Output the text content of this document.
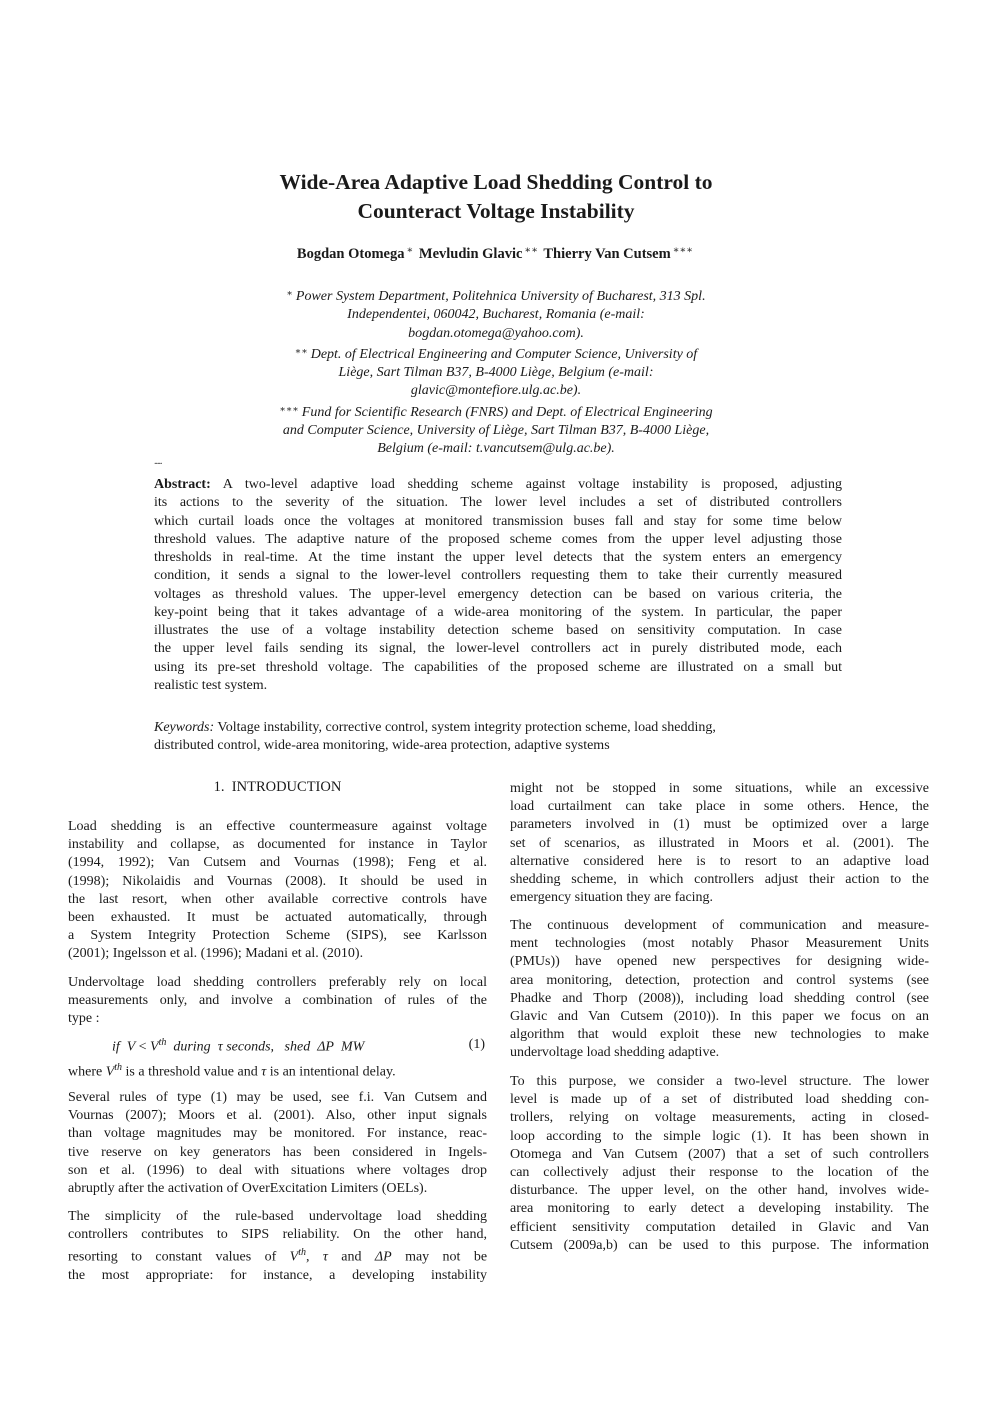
Wide-Area Adaptive Load Shedding Control to
Counteract Voltage Instability
Bogdan Otomega ∗ Mevludin Glavic ∗∗ Thierry Van Cutsem ∗∗∗
∗ Power System Department, Politehnica University of Bucharest, 313 Spl.
Independentei, 060042, Bucharest, Romania (e-mail:
bogdan.otomega@yahoo.com).
∗∗ Dept. of Electrical Engineering and Computer Science, University of
Liège, Sart Tilman B37, B-4000 Liège, Belgium (e-mail:
glavic@montefiore.ulg.ac.be).
∗∗∗ Fund for Scientific Research (FNRS) and Dept. of Electrical Engineering
and Computer Science, University of Liège, Sart Tilman B37, B-4000 Liège,
Belgium (e-mail: t.vancutsem@ulg.ac.be).
.....
Abstract: A two-level adaptive load shedding scheme against voltage instability is proposed, adjusting
its actions to the severity of the situation. The lower level includes a set of distributed controllers
which curtail loads once the voltages at monitored transmission buses fall and stay for some time below
threshold values. The adaptive nature of the proposed scheme comes from the upper level adjusting those
thresholds in real-time. At the time instant the upper level detects that the system enters an emergency
condition, it sends a signal to the lower-level controllers requesting them to take their currently measured
voltages as threshold values. The upper-level emergency detection can be based on various criteria, the
key-point being that it takes advantage of a wide-area monitoring of the system. In particular, the paper
illustrates the use of a voltage instability detection scheme based on sensitivity computation. In case
the upper level fails sending its signal, the lower-level controllers act in purely distributed mode, each
using its pre-set threshold voltage. The capabilities of the proposed scheme are illustrated on a small but
realistic test system.
Keywords: Voltage instability, corrective control, system integrity protection scheme, load shedding,
distributed control, wide-area monitoring, wide-area protection, adaptive systems
1. INTRODUCTION
Load shedding is an effective countermeasure against voltage
instability and collapse, as documented for instance in Taylor
(1994, 1992); Van Cutsem and Vournas (1998); Feng et al.
(1998); Nikolaidis and Vournas (2008). It should be used in
the last resort, when other available corrective controls have
been exhausted. It must be actuated automatically, through
a System Integrity Protection Scheme (SIPS), see Karlsson
(2001); Ingelsson et al. (1996); Madani et al. (2010).
Undervoltage load shedding controllers preferably rely on local
measurements only, and involve a combination of rules of the
type :
if V < Vth during τ seconds, shed ΔP MW	(1)
where Vth is a threshold value and τ is an intentional delay.
Several rules of type (1) may be used, see f.i. Van Cutsem and
Vournas (2007); Moors et al. (2001). Also, other input signals
than voltage magnitudes may be monitored. For instance, reac-
tive reserve on key generators has been considered in Ingels-
son et al. (1996) to deal with situations where voltages drop
abruptly after the activation of OverExcitation Limiters (OELs).
The simplicity of the rule-based undervoltage load shedding
controllers contributes to SIPS reliability. On the other hand,
resorting to constant values of Vth, τ and ΔP may not be
the most appropriate: for instance, a developing instability
might not be stopped in some situations, while an excessive
load curtailment can take place in some others. Hence, the
parameters involved in (1) must be optimized over a large
set of scenarios, as illustrated in Moors et al. (2001). The
alternative considered here is to resort to an adaptive load
shedding scheme, in which controllers adjust their action to the
emergency situation they are facing.
The continuous development of communication and measure-
ment technologies (most notably Phasor Measurement Units
(PMUs)) have opened new perspectives for designing wide-
area monitoring, detection, protection and control systems (see
Phadke and Thorp (2008)), including load shedding control (see
Glavic and Van Cutsem (2010)). In this paper we focus on an
algorithm that would exploit these new technologies to make
undervoltage load shedding adaptive.
To this purpose, we consider a two-level structure. The lower
level is made up of a set of distributed load shedding con-
trollers, relying on voltage measurements, acting in closed-
loop according to the simple logic (1). It has been shown in
Otomega and Van Cutsem (2007) that a set of such controllers
can collectively adjust their response to the location of the
disturbance. The upper level, on the other hand, involves wide-
area monitoring to early detect a developing instability. The
efficient sensitivity computation detailed in Glavic and Van
Cutsem (2009a,b) can be used to this purpose. The information
